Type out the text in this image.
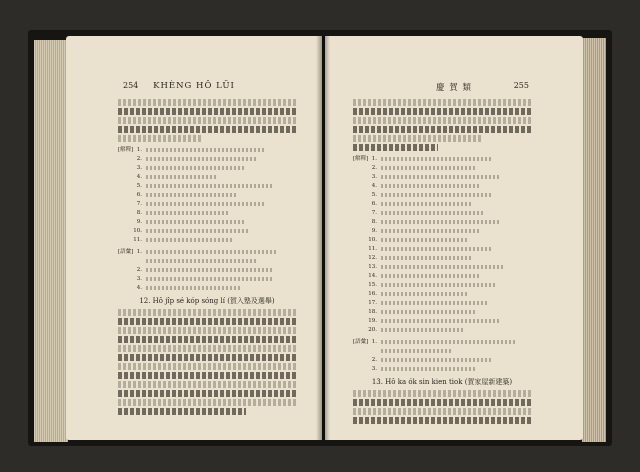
254	KHÈNG HÔ LÜI
[解釋] 1.
2.
3.
4.
5.
6.
7.
8.
9.
10.
11.
[語彙] 1.
2.
3.
4.
12. Hô jîp sé kóp sóng lí (賀入塾及選舉)
慶 賀 類	255
[解釋] 1.
2.
3.
4.
5.
6.
7.
8.
9.
10.
11.
12.
13.
14.
15.
16.
17.
18.
19.
20.
[語彙] 1.
2.
3.
13. Hô ka ók sin kien tiok (賀家屋新建築)
